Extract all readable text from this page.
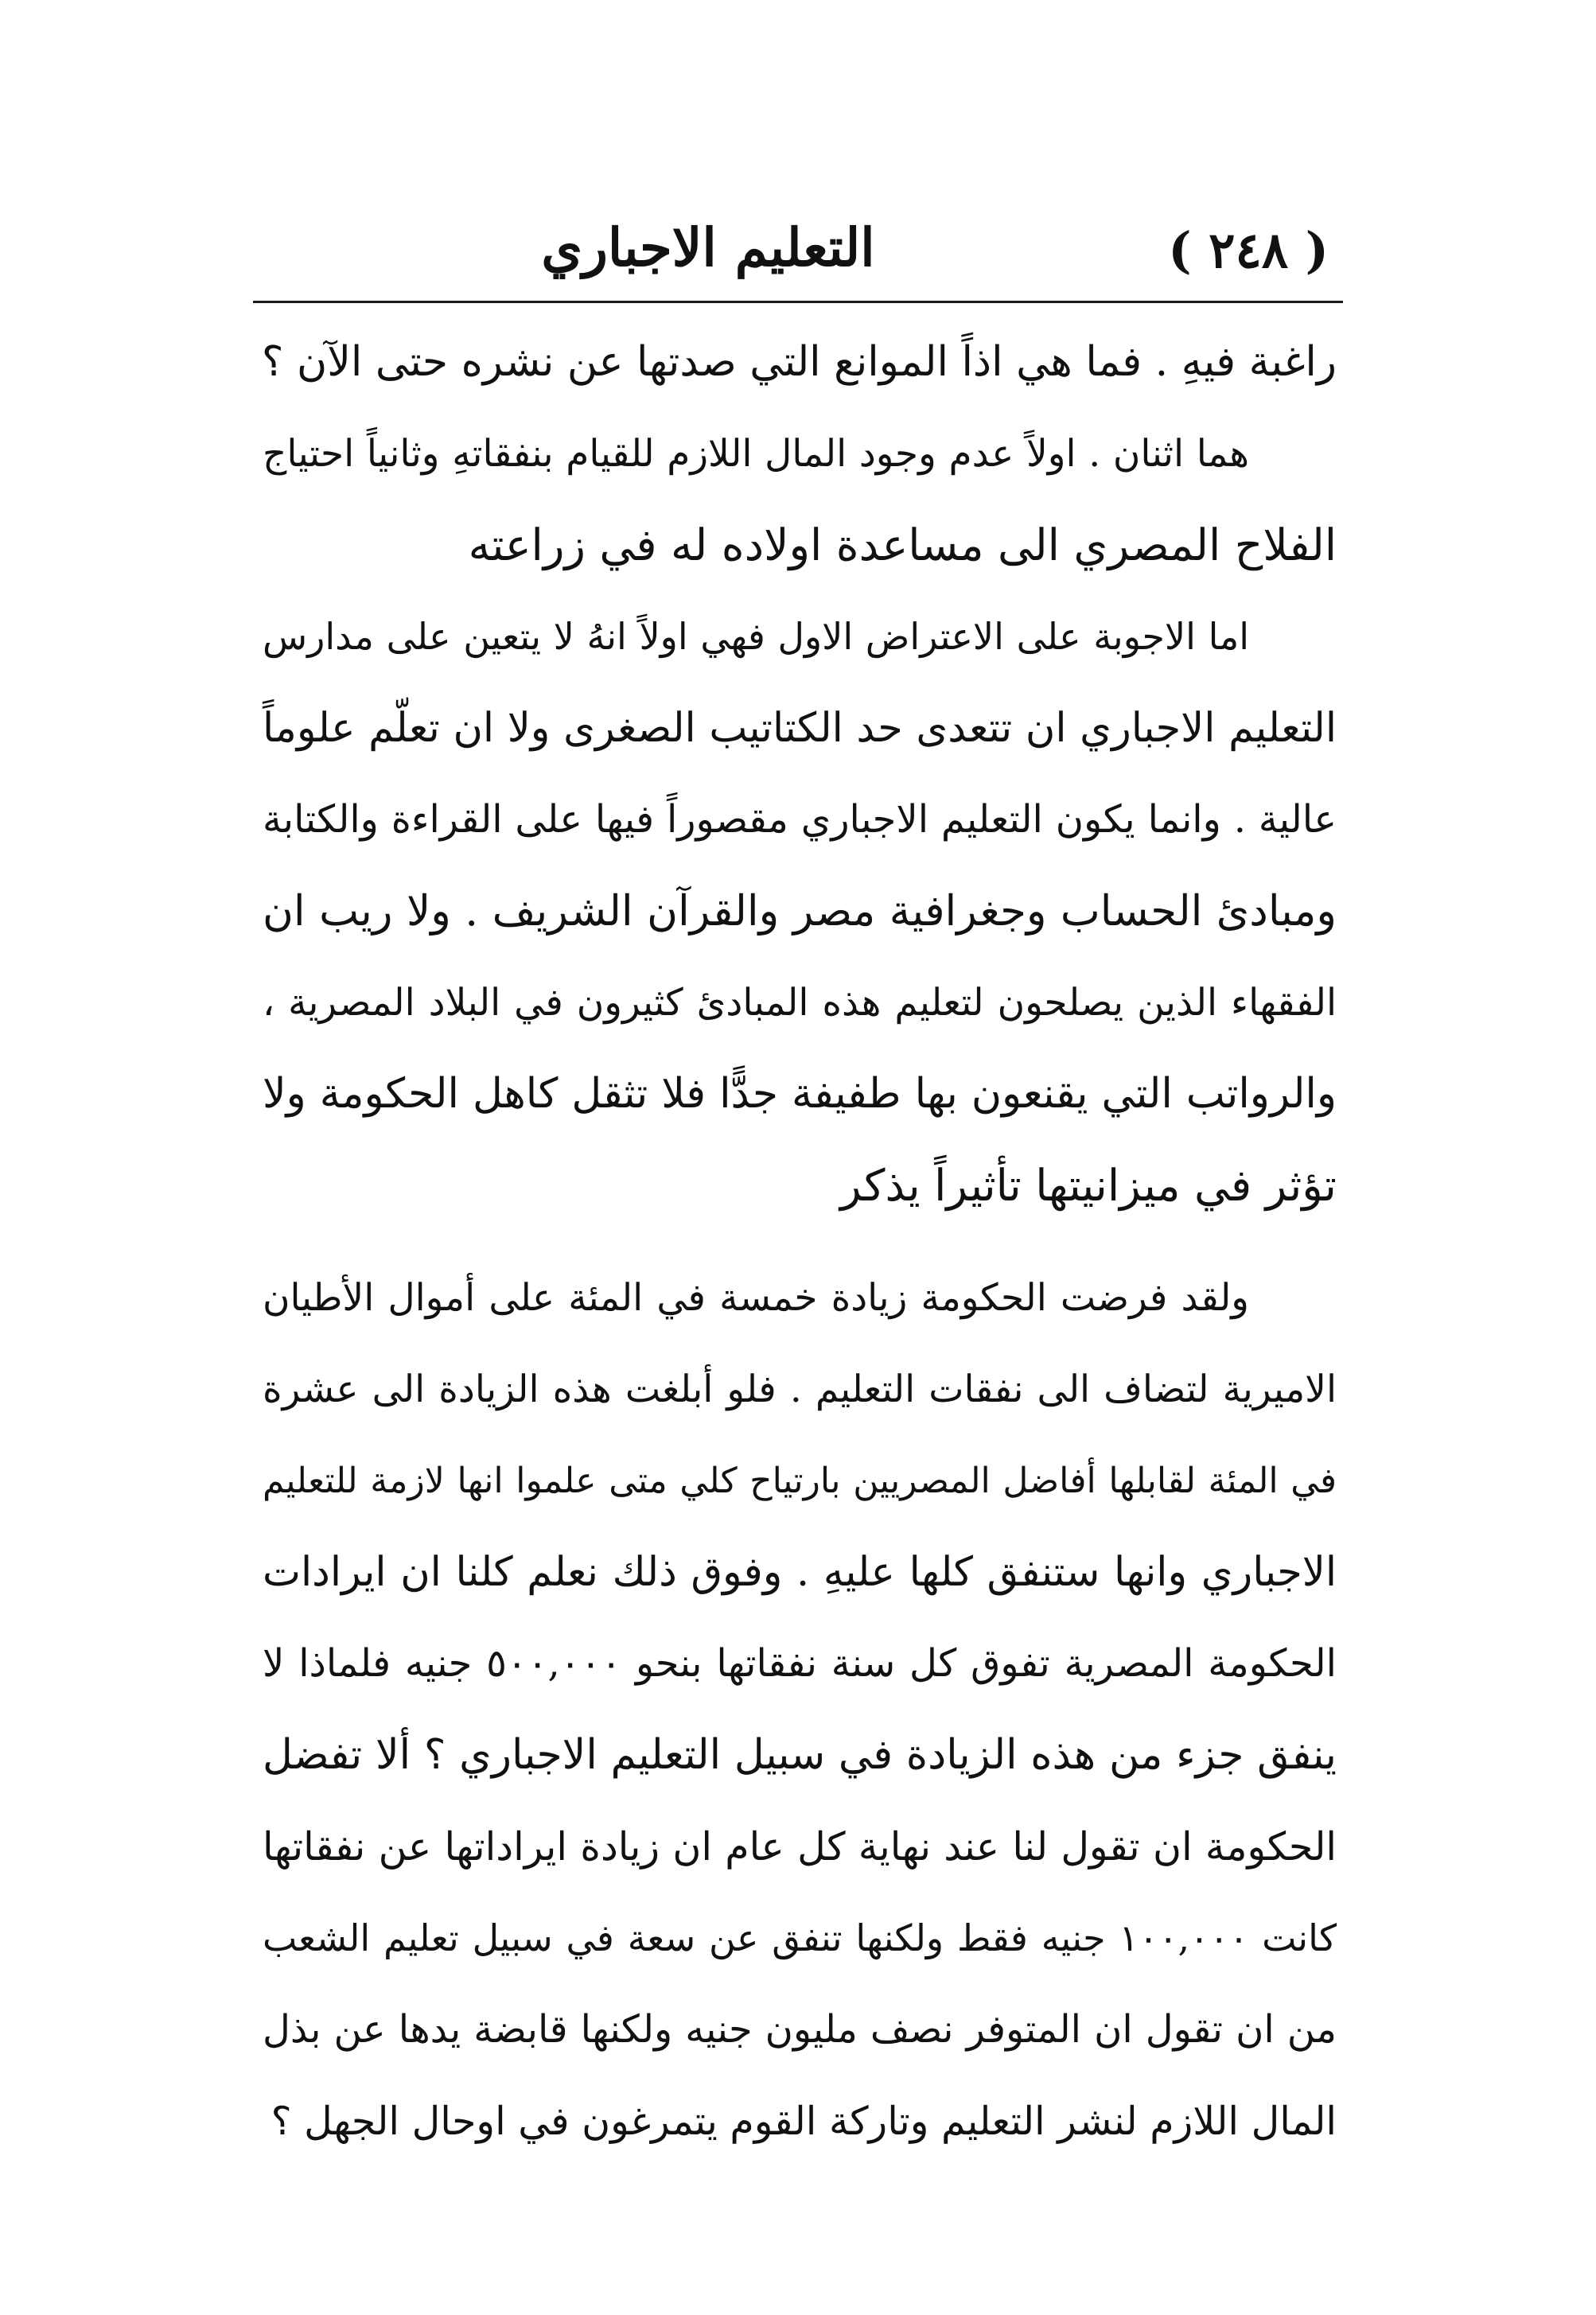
( ٢٤٨ )
التعليم الاجباري
راغبة فيهِ . فما هي اذاً الموانع التي صدتها عن نشره حتى الآن ؟
هما اثنان . اولاً عدم وجود المال اللازم للقيام بنفقاتهِ وثانياً احتياج
الفلاح المصري الى مساعدة اولاده له في زراعته
اما الاجوبة على الاعتراض الاول فهي اولاً انهُ لا يتعين على مدارس
التعليم الاجباري ان تتعدى حد الكتاتيب الصغرى ولا ان تعلّم علوماً
عالية . وانما يكون التعليم الاجباري مقصوراً فيها على القراءة والكتابة
ومبادئ الحساب وجغرافية مصر والقرآن الشريف . ولا ريب ان
الفقهاء الذين يصلحون لتعليم هذه المبادئ كثيرون في البلاد المصرية ،
والرواتب التي يقنعون بها طفيفة جدًّا فلا تثقل كاهل الحكومة ولا
تؤثر في ميزانيتها تأثيراً يذكر
ولقد فرضت الحكومة زيادة خمسة في المئة على أموال الأطيان
الاميرية لتضاف الى نفقات التعليم . فلو أبلغت هذه الزيادة الى عشرة
في المئة لقابلها أفاضل المصريين بارتياح كلي متى علموا انها لازمة للتعليم
الاجباري وانها ستنفق كلها عليهِ . وفوق ذلك نعلم كلنا ان ايرادات
الحكومة المصرية تفوق كل سنة نفقاتها بنحو ٥٠٠,٠٠٠ جنيه فلماذا لا
ينفق جزء من هذه الزيادة في سبيل التعليم الاجباري ؟ ألا تفضل
الحكومة ان تقول لنا عند نهاية كل عام ان زيادة ايراداتها عن نفقاتها
كانت ١٠٠,٠٠٠ جنيه فقط ولكنها تنفق عن سعة في سبيل تعليم الشعب
من ان تقول ان المتوفر نصف مليون جنيه ولكنها قابضة يدها عن بذل
المال اللازم لنشر التعليم وتاركة القوم يتمرغون في اوحال الجهل ؟
